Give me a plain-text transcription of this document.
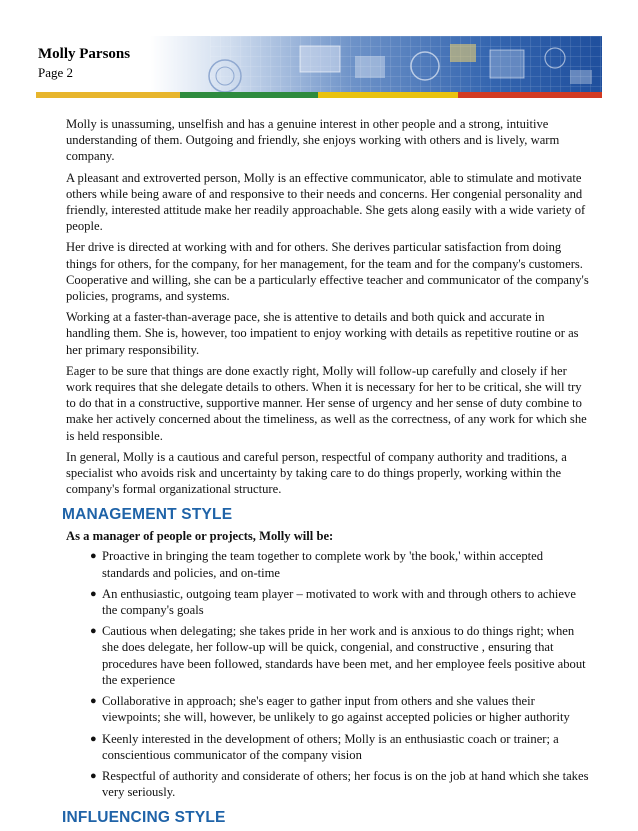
Molly Parsons

Page 2

Molly is unassuming, unselfish and has a genuine interest in other people and a strong, intuitive understanding of them. Outgoing and friendly, she enjoys working with others and is lively, warm company.

A pleasant and extroverted person, Molly is an effective communicator, able to stimulate and motivate others while being aware of and responsive to their needs and concerns. Her congenial personality and friendly, interested attitude make her readily approachable. She gets along easily with a wide variety of people.

Her drive is directed at working with and for others. She derives particular satisfaction from doing things for others, for the company, for her management, for the team and for the company's customers. Cooperative and willing, she can be a particularly effective teacher and communicator of the company's policies, programs, and systems.

Working at a faster-than-average pace, she is attentive to details and both quick and accurate in handling them. She is, however, too impatient to enjoy working with details as repetitive routine or as her primary responsibility.

Eager to be sure that things are done exactly right, Molly will follow-up carefully and closely if her work requires that she delegate details to others. When it is necessary for her to be critical, she will try to do that in a constructive, supportive manner. Her sense of urgency and her sense of duty combine to make her actively concerned about the timeliness, as well as the correctness, of any work for which she is held responsible.

In general, Molly is a cautious and careful person, respectful of company authority and traditions, a specialist who avoids risk and uncertainty by taking care to do things properly, working within the company's formal organizational structure.

MANAGEMENT STYLE

As a manager of people or projects, Molly will be:

● Proactive in bringing the team together to complete work by 'the book,' within accepted standards and policies, and on-time
● An enthusiastic, outgoing team player – motivated to work with and through others to achieve the company's goals
● Cautious when delegating; she takes pride in her work and is anxious to do things right; when she does delegate, her follow-up will be quick, congenial, and constructive , ensuring that procedures have been followed, standards have been met, and her employee feels positive about the experience
● Collaborative in approach; she's eager to gather input from others and she values their viewpoints; she will, however, be unlikely to go against accepted policies or higher authority
● Keenly interested in the development of others; Molly is an enthusiastic coach or trainer; a conscientious communicator of the company vision
● Respectful of authority and considerate of others; her focus is on the job at hand which she takes very seriously.
INFLUENCING STYLE
